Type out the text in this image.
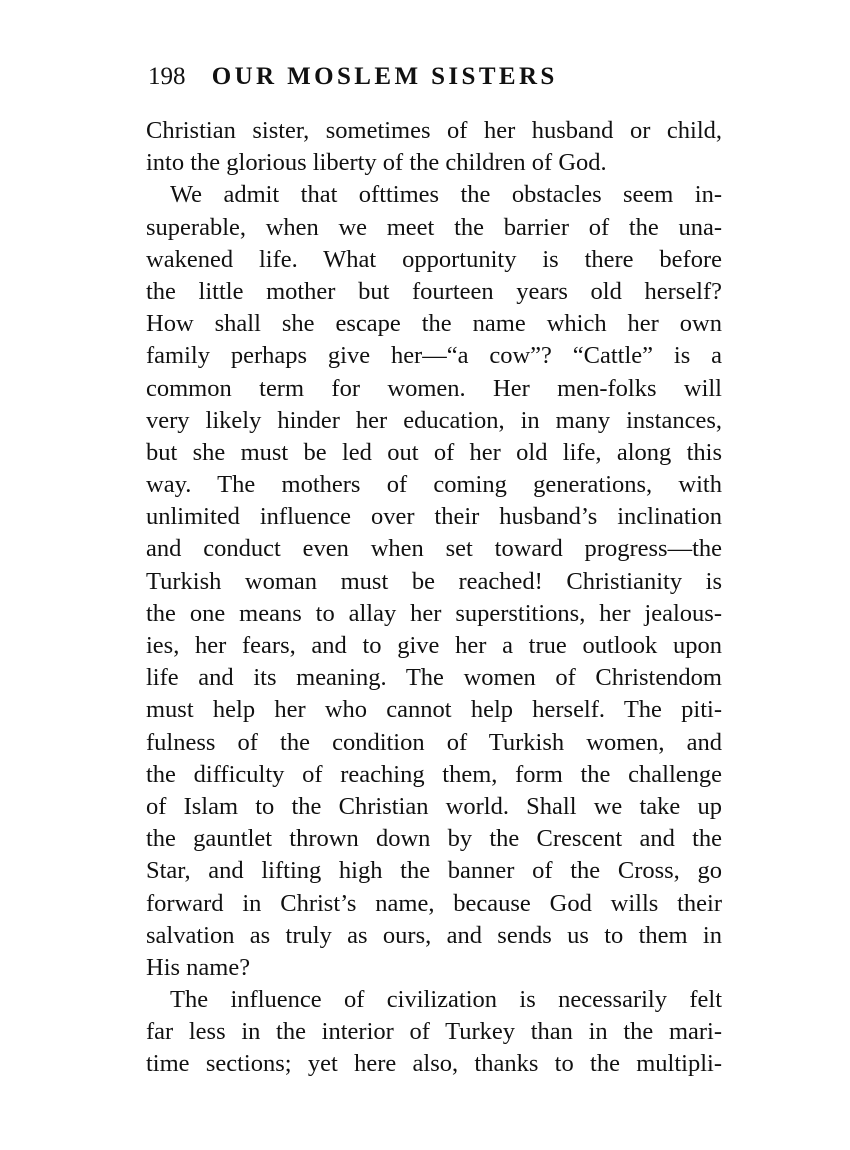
198 OUR MOSLEM SISTERS
Christian sister, sometimes of her husband or child,
into the glorious liberty of the children of God.
We admit that ofttimes the obstacles seem in-
superable, when we meet the barrier of the una-
wakened life. What opportunity is there before
the little mother but fourteen years old herself?
How shall she escape the name which her own
family perhaps give her—“a cow”? “Cattle” is a
common term for women. Her men-folks will
very likely hinder her education, in many instances,
but she must be led out of her old life, along this
way. The mothers of coming generations, with
unlimited influence over their husband’s inclination
and conduct even when set toward progress—the
Turkish woman must be reached! Christianity is
the one means to allay her superstitions, her jealous-
ies, her fears, and to give her a true outlook upon
life and its meaning. The women of Christendom
must help her who cannot help herself. The piti-
fulness of the condition of Turkish women, and
the difficulty of reaching them, form the challenge
of Islam to the Christian world. Shall we take up
the gauntlet thrown down by the Crescent and the
Star, and lifting high the banner of the Cross, go
forward in Christ’s name, because God wills their
salvation as truly as ours, and sends us to them in
His name?
The influence of civilization is necessarily felt
far less in the interior of Turkey than in the mari-
time sections; yet here also, thanks to the multipli-
